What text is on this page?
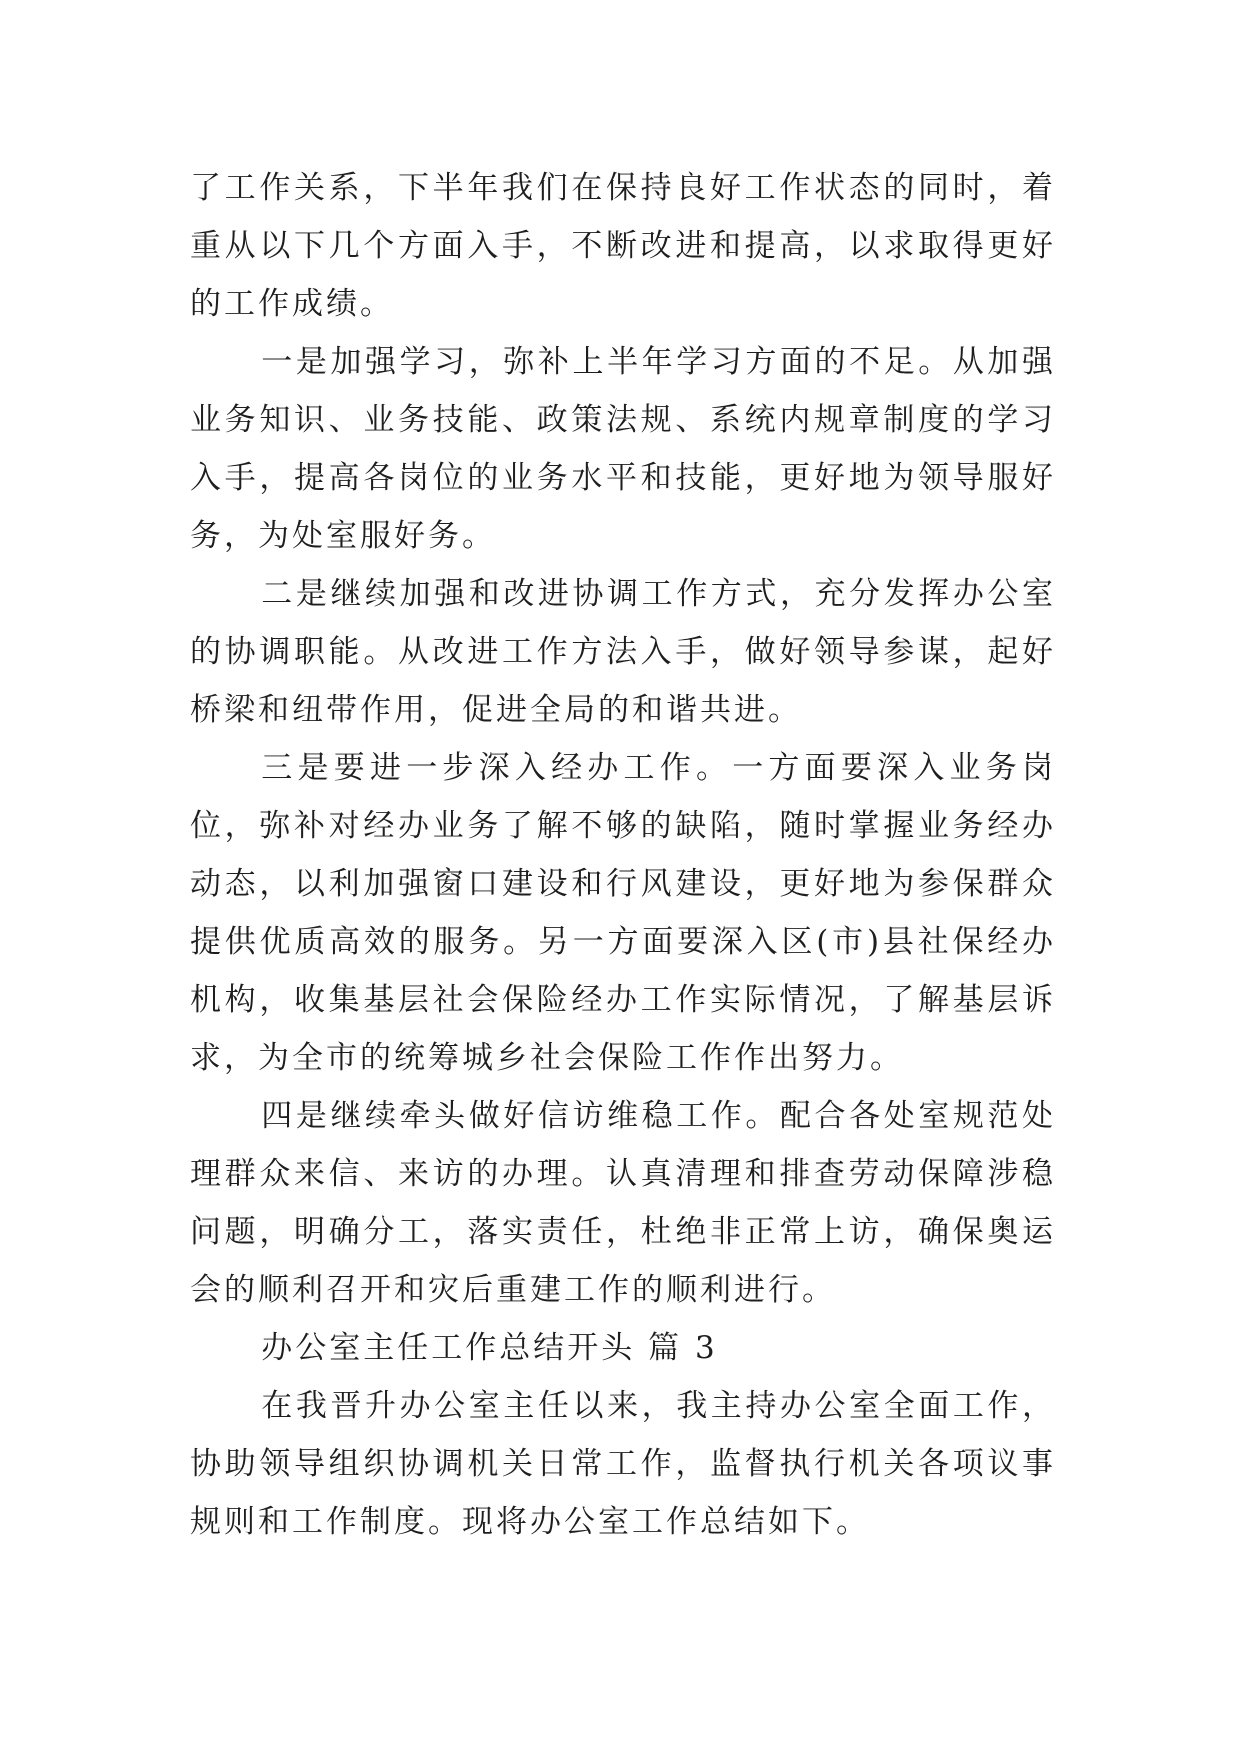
了工作关系，下半年我们在保持良好工作状态的同时，着重从以下几个方面入手，不断改进和提高，以求取得更好的工作成绩。

一是加强学习，弥补上半年学习方面的不足。从加强业务知识、业务技能、政策法规、系统内规章制度的学习入手，提高各岗位的业务水平和技能，更好地为领导服好务，为处室服好务。

二是继续加强和改进协调工作方式，充分发挥办公室的协调职能。从改进工作方法入手，做好领导参谋，起好桥梁和纽带作用，促进全局的和谐共进。

三是要进一步深入经办工作。一方面要深入业务岗位，弥补对经办业务了解不够的缺陷，随时掌握业务经办动态，以利加强窗口建设和行风建设，更好地为参保群众提供优质高效的服务。另一方面要深入区(市)县社保经办机构，收集基层社会保险经办工作实际情况，了解基层诉求，为全市的统筹城乡社会保险工作作出努力。

四是继续牵头做好信访维稳工作。配合各处室规范处理群众来信、来访的办理。认真清理和排查劳动保障涉稳问题，明确分工，落实责任，杜绝非正常上访，确保奥运会的顺利召开和灾后重建工作的顺利进行。

办公室主任工作总结开头 篇 3

在我晋升办公室主任以来，我主持办公室全面工作，协助领导组织协调机关日常工作，监督执行机关各项议事规则和工作制度。现将办公室工作总结如下。
